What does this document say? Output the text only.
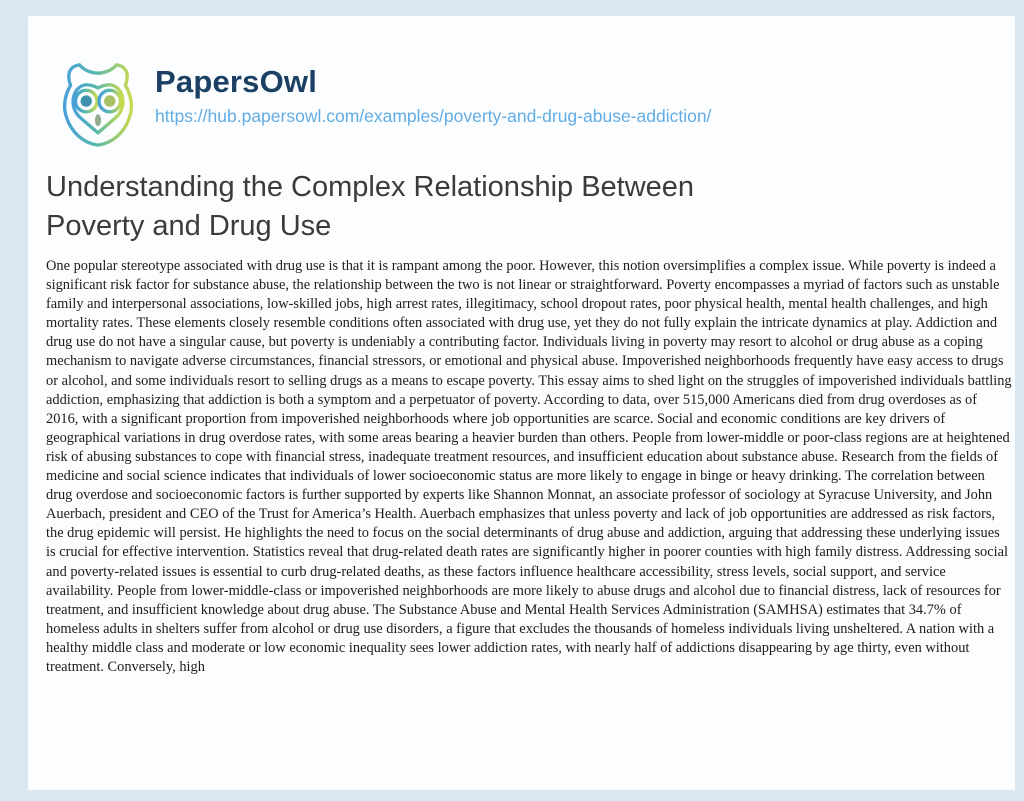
PapersOwl
https://hub.papersowl.com/examples/poverty-and-drug-abuse-addiction/
Understanding the Complex Relationship Between Poverty and Drug Use

One popular stereotype associated with drug use is that it is rampant among the poor. However, this notion oversimplifies a complex issue. While poverty is indeed a significant risk factor for substance abuse, the relationship between the two is not linear or straightforward. Poverty encompasses a myriad of factors such as unstable family and interpersonal associations, low-skilled jobs, high arrest rates, illegitimacy, school dropout rates, poor physical health, mental health challenges, and high mortality rates. These elements closely resemble conditions often associated with drug use, yet they do not fully explain the intricate dynamics at play. Addiction and drug use do not have a singular cause, but poverty is undeniably a contributing factor. Individuals living in poverty may resort to alcohol or drug abuse as a coping mechanism to navigate adverse circumstances, financial stressors, or emotional and physical abuse. Impoverished neighborhoods frequently have easy access to drugs or alcohol, and some individuals resort to selling drugs as a means to escape poverty. This essay aims to shed light on the struggles of impoverished individuals battling addiction, emphasizing that addiction is both a symptom and a perpetuator of poverty. According to data, over 515,000 Americans died from drug overdoses as of 2016, with a significant proportion from impoverished neighborhoods where job opportunities are scarce. Social and economic conditions are key drivers of geographical variations in drug overdose rates, with some areas bearing a heavier burden than others. People from lower-middle or poor-class regions are at heightened risk of abusing substances to cope with financial stress, inadequate treatment resources, and insufficient education about substance abuse. Research from the fields of medicine and social science indicates that individuals of lower socioeconomic status are more likely to engage in binge or heavy drinking. The correlation between drug overdose and socioeconomic factors is further supported by experts like Shannon Monnat, an associate professor of sociology at Syracuse University, and John Auerbach, president and CEO of the Trust for America’s Health. Auerbach emphasizes that unless poverty and lack of job opportunities are addressed as risk factors, the drug epidemic will persist. He highlights the need to focus on the social determinants of drug abuse and addiction, arguing that addressing these underlying issues is crucial for effective intervention. Statistics reveal that drug-related death rates are significantly higher in poorer counties with high family distress. Addressing social and poverty-related issues is essential to curb drug-related deaths, as these factors influence healthcare accessibility, stress levels, social support, and service availability. People from lower-middle-class or impoverished neighborhoods are more likely to abuse drugs and alcohol due to financial distress, lack of resources for treatment, and insufficient knowledge about drug abuse. The Substance Abuse and Mental Health Services Administration (SAMHSA) estimates that 34.7% of homeless adults in shelters suffer from alcohol or drug use disorders, a figure that excludes the thousands of homeless individuals living unsheltered. A nation with a healthy middle class and moderate or low economic inequality sees lower addiction rates, with nearly half of addictions disappearing by age thirty, even without treatment. Conversely, high
